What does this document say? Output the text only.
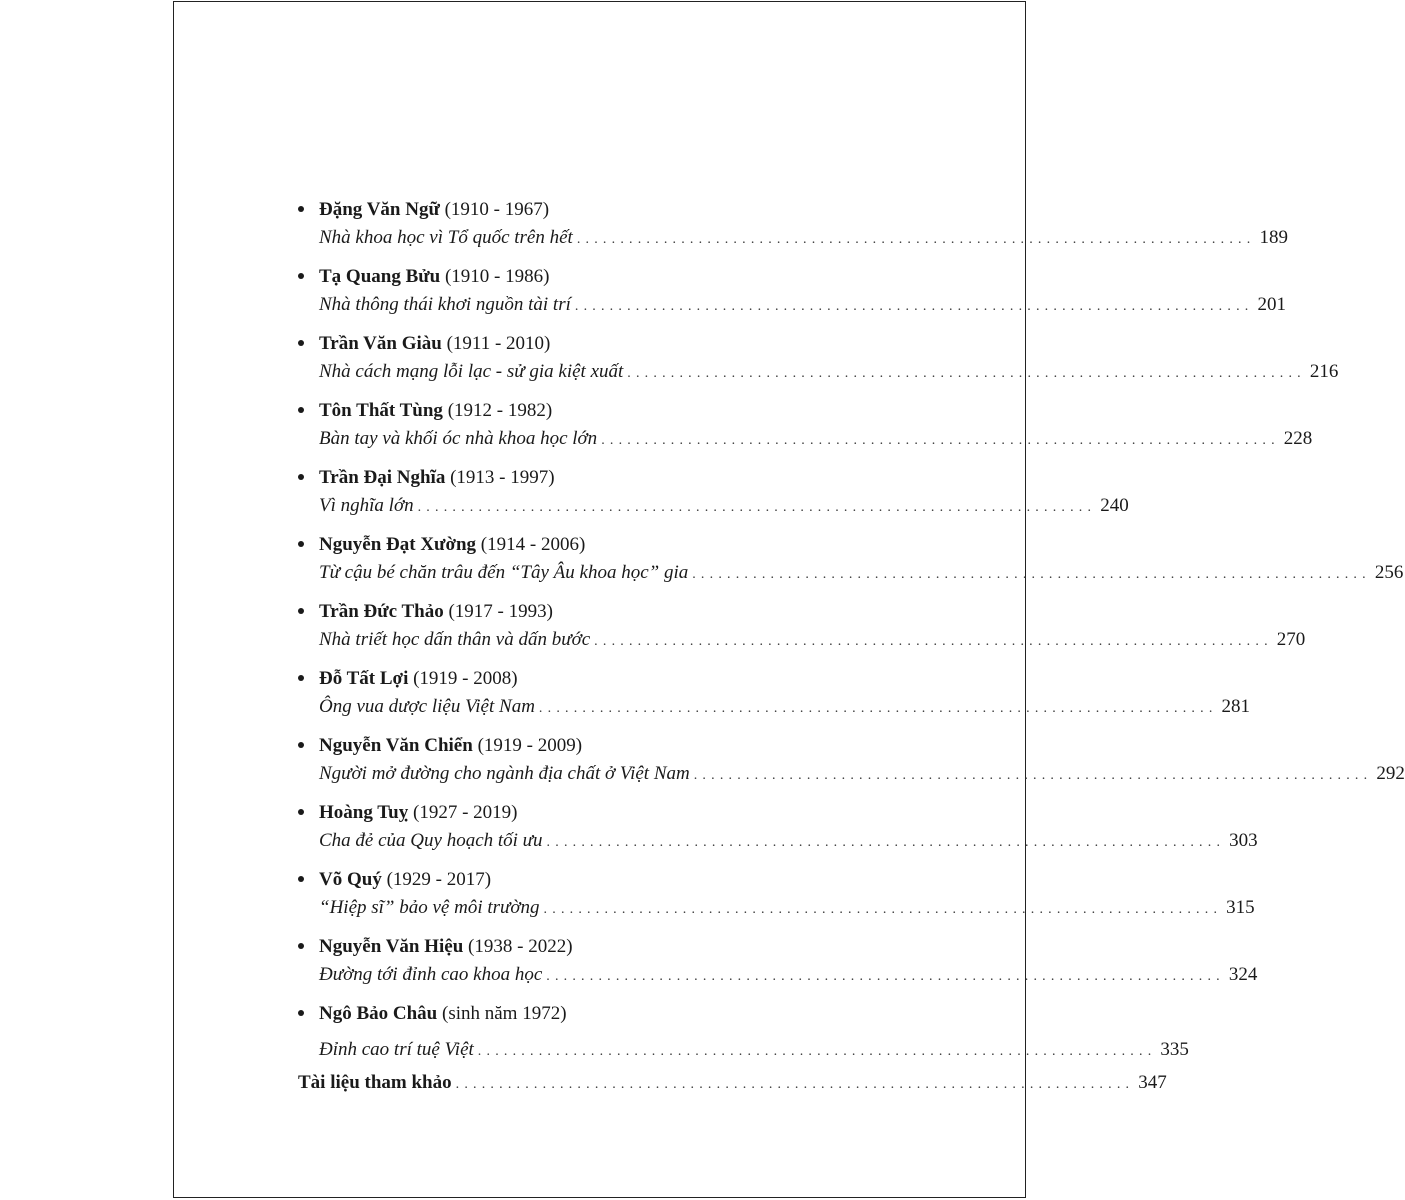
Đặng Văn Ngữ (1910 - 1967)
Nhà khoa học vì Tổ quốc trên hết .............................................................................. 189
Tạ Quang Bửu (1910 - 1986)
Nhà thông thái khơi nguồn tài trí .............................................................................. 201
Trần Văn Giàu (1911 - 2010)
Nhà cách mạng lỗi lạc - sử gia kiệt xuất .............................................................................. 216
Tôn Thất Tùng (1912 - 1982)
Bàn tay và khối óc nhà khoa học lớn .............................................................................. 228
Trần Đại Nghĩa (1913 - 1997)
Vì nghĩa lớn .............................................................................. 240
Nguyễn Đạt Xường (1914 - 2006)
Từ cậu bé chăn trâu đến “Tây Âu khoa học” gia .............................................................................. 256
Trần Đức Thảo (1917 - 1993)
Nhà triết học dấn thân và dấn bước .............................................................................. 270
Đỗ Tất Lợi (1919 - 2008)
Ông vua dược liệu Việt Nam .............................................................................. 281
Nguyễn Văn Chiển (1919 - 2009)
Người mở đường cho ngành địa chất ở Việt Nam .............................................................................. 292
Hoàng Tuỵ (1927 - 2019)
Cha đẻ của Quy hoạch tối ưu .............................................................................. 303
Võ Quý (1929 - 2017)
“Hiệp sĩ” bảo vệ môi trường .............................................................................. 315
Nguyễn Văn Hiệu (1938 - 2022)
Đường tới đỉnh cao khoa học .............................................................................. 324
Ngô Bảo Châu (sinh năm 1972)
Đỉnh cao trí tuệ Việt .............................................................................. 335
Tài liệu tham khảo .............................................................................. 347
